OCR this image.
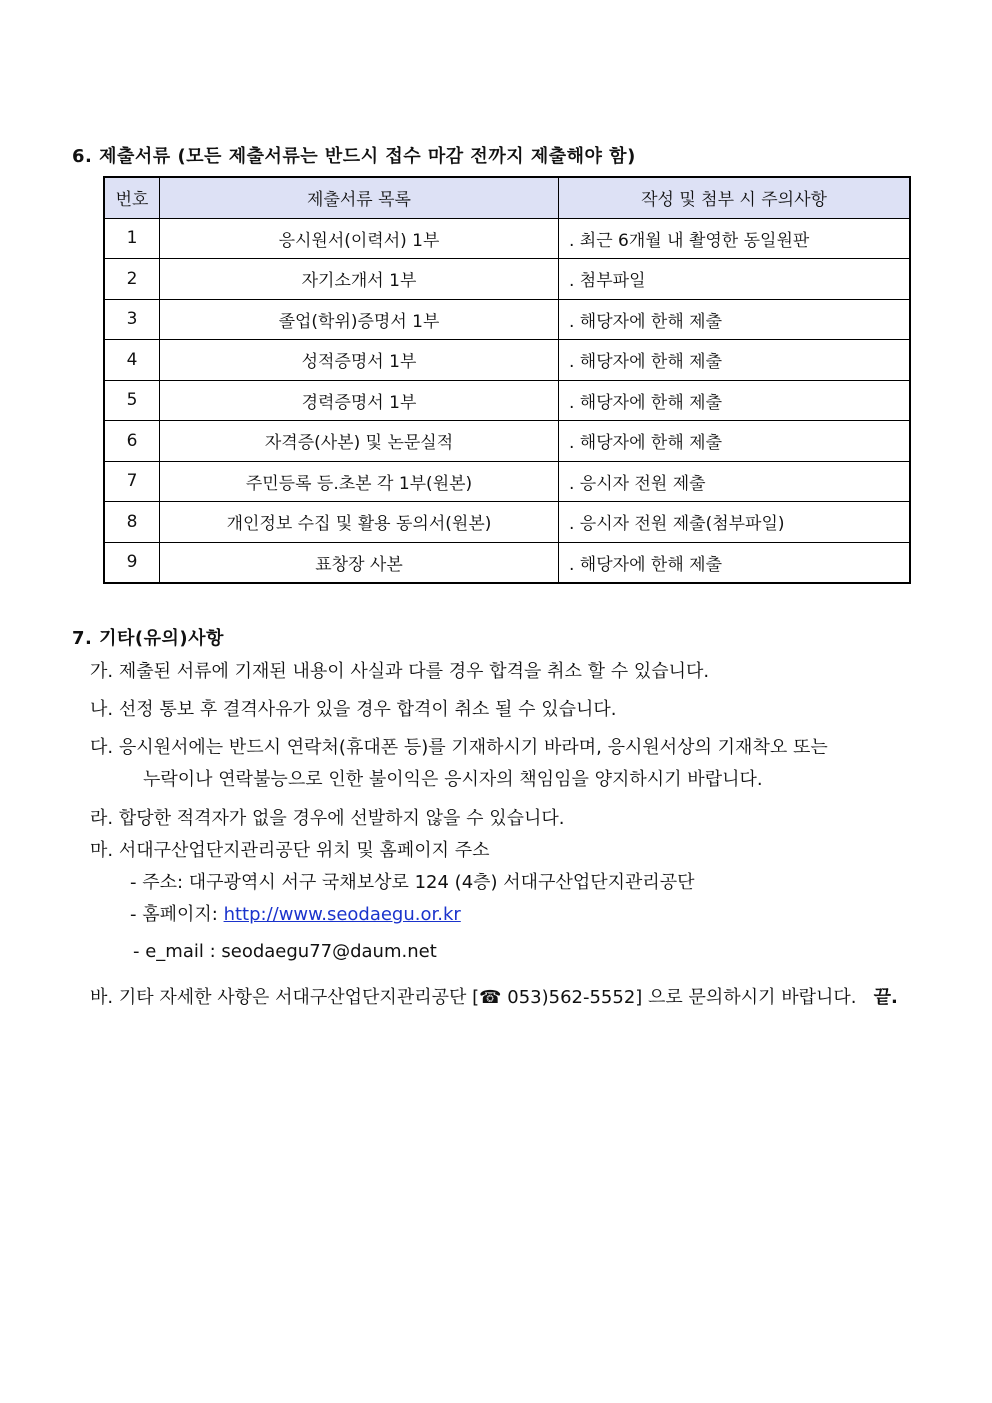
6. 제출서류 (모든 제출서류는 반드시 접수 마감 전까지 제출해야 함)
번호	제출서류 목록	작성 및 첨부 시 주의사항
1	응시원서(이력서) 1부	. 최근 6개월 내 촬영한 동일원판
2	자기소개서 1부	. 첨부파일
3	졸업(학위)증명서 1부	. 해당자에 한해 제출
4	성적증명서 1부	. 해당자에 한해 제출
5	경력증명서 1부	. 해당자에 한해 제출
6	자격증(사본) 및 논문실적	. 해당자에 한해 제출
7	주민등록 등.초본 각 1부(원본)	. 응시자 전원 제출
8	개인정보 수집 및 활용 동의서(원본)	. 응시자 전원 제출(첨부파일)
9	표창장 사본	. 해당자에 한해 제출
7. 기타(유의)사항
가. 제출된 서류에 기재된 내용이 사실과 다를 경우 합격을 취소 할 수 있습니다.
나. 선정 통보 후 결격사유가 있을 경우 합격이 취소 될 수 있습니다.
다. 응시원서에는 반드시 연락처(휴대폰 등)를 기재하시기 바라며, 응시원서상의 기재착오 또는
누락이나 연락불능으로 인한 불이익은 응시자의 책임임을 양지하시기 바랍니다.
라. 합당한 적격자가 없을 경우에 선발하지 않을 수 있습니다.
마. 서대구산업단지관리공단 위치 및 홈페이지 주소
- 주소: 대구광역시 서구 국채보상로 124 (4층) 서대구산업단지관리공단
- 홈페이지: http://www.seodaegu.or.kr
- e_mail : seodaegu77@daum.net
바. 기타 자세한 사항은 서대구산업단지관리공단 [☎ 053)562-5552] 으로 문의하시기 바랍니다. 끝.
